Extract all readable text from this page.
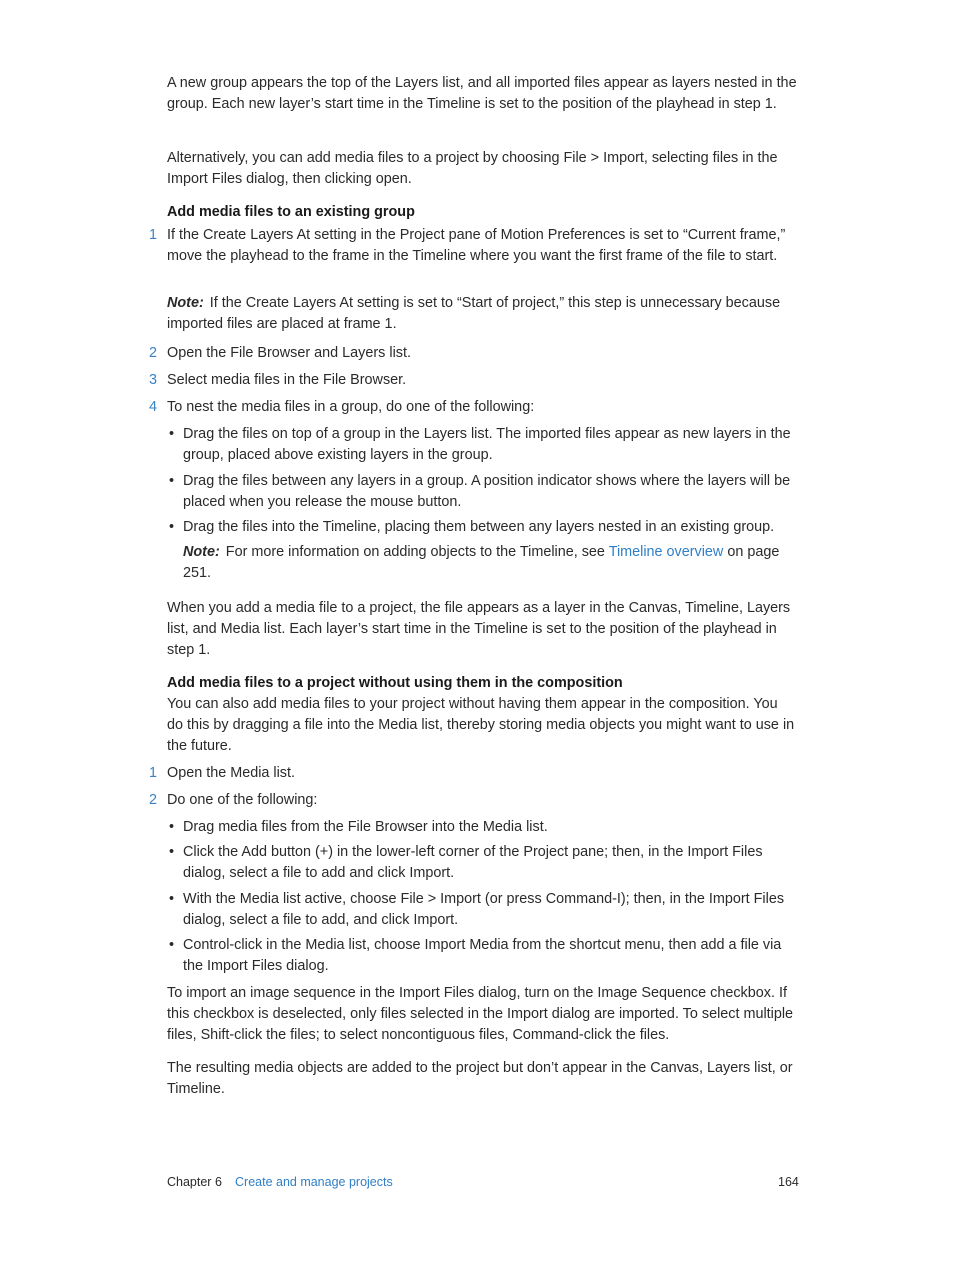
A new group appears the top of the Layers list, and all imported files appear as layers nested in the group. Each new layer’s start time in the Timeline is set to the position of the playhead in step 1.

Alternatively, you can add media files to a project by choosing File > Import, selecting files in the Import Files dialog, then clicking open.

Add media files to an existing group

1 If the Create Layers At setting in the Project pane of Motion Preferences is set to “Current frame,” move the playhead to the frame in the Timeline where you want the first frame of the file to start.

Note: If the Create Layers At setting is set to “Start of project,” this step is unnecessary because imported files are placed at frame 1.

2 Open the File Browser and Layers list.

3 Select media files in the File Browser.

4 To nest the media files in a group, do one of the following:

• Drag the files on top of a group in the Layers list. The imported files appear as new layers in the group, placed above existing layers in the group.

• Drag the files between any layers in a group. A position indicator shows where the layers will be placed when you release the mouse button.

• Drag the files into the Timeline, placing them between any layers nested in an existing group.

Note: For more information on adding objects to the Timeline, see Timeline overview on page 251.

When you add a media file to a project, the file appears as a layer in the Canvas, Timeline, Layers list, and Media list. Each layer’s start time in the Timeline is set to the position of the playhead in step 1.

Add media files to a project without using them in the composition

You can also add media files to your project without having them appear in the composition. You do this by dragging a file into the Media list, thereby storing media objects you might want to use in the future.

1 Open the Media list.

2 Do one of the following:

• Drag media files from the File Browser into the Media list.

• Click the Add button (+) in the lower-left corner of the Project pane; then, in the Import Files dialog, select a file to add and click Import.

• With the Media list active, choose File > Import (or press Command-I); then, in the Import Files dialog, select a file to add, and click Import.

• Control-click in the Media list, choose Import Media from the shortcut menu, then add a file via the Import Files dialog.

To import an image sequence in the Import Files dialog, turn on the Image Sequence checkbox. If this checkbox is deselected, only files selected in the Import dialog are imported. To select multiple files, Shift-click the files; to select noncontiguous files, Command-click the files.

The resulting media objects are added to the project but don’t appear in the Canvas, Layers list, or Timeline.

Chapter 6 Create and manage projects	164
